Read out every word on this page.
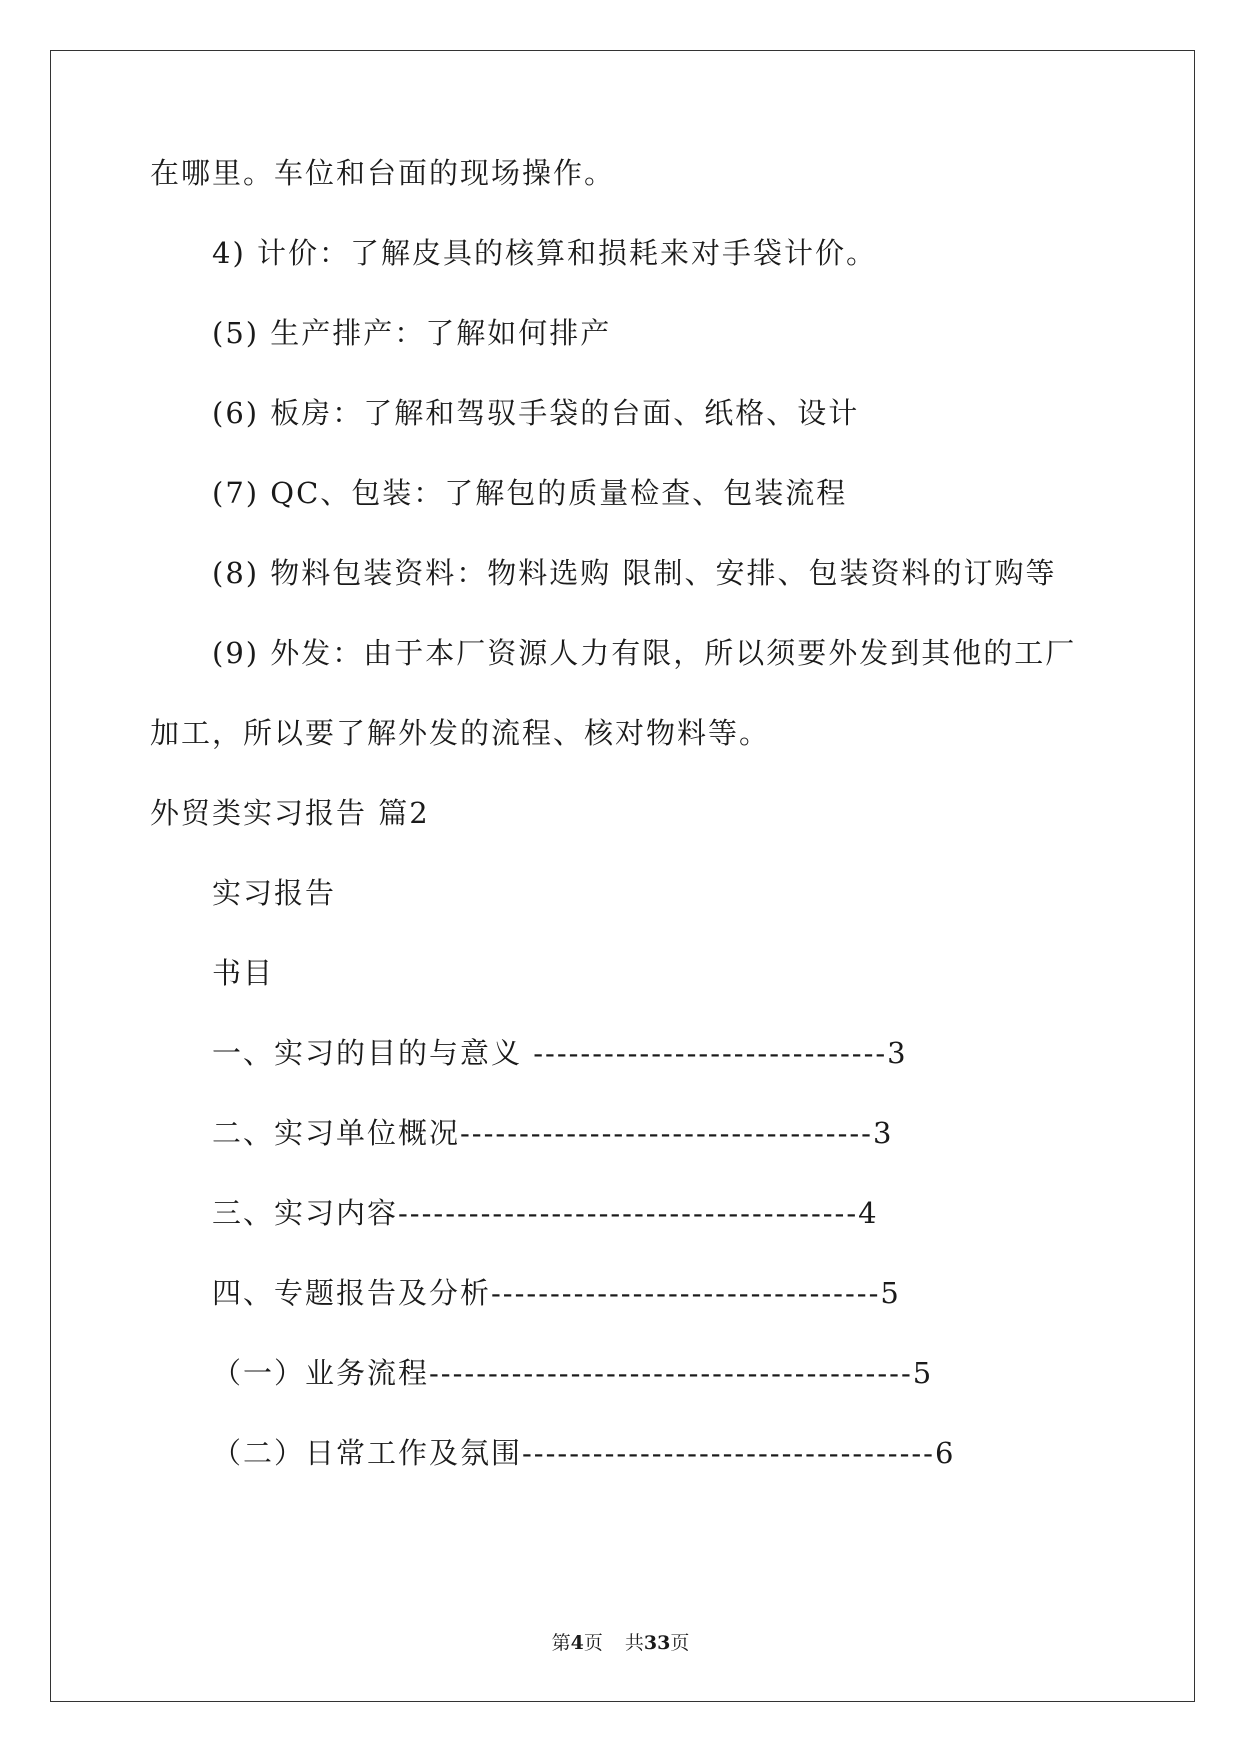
在哪里。车位和台面的现场操作。
4) 计价：了解皮具的核算和损耗来对手袋计价。
(5) 生产排产：了解如何排产
(6) 板房：了解和驾驭手袋的台面、纸格、设计
(7) QC、包装：了解包的质量检查、包装流程
(8) 物料包装资料：物料选购 限制、安排、包装资料的订购等
(9) 外发：由于本厂资源人力有限，所以须要外发到其他的工厂
加工，所以要了解外发的流程、核对物料等。
外贸类实习报告 篇2
实习报告
书目
一、实习的目的与意义 ------------------------------3
二、实习单位概况-----------------------------------3
三、实习内容---------------------------------------4
四、专题报告及分析---------------------------------5
（一）业务流程-----------------------------------------5
（二）日常工作及氛围-----------------------------------6
第4页 共33页
